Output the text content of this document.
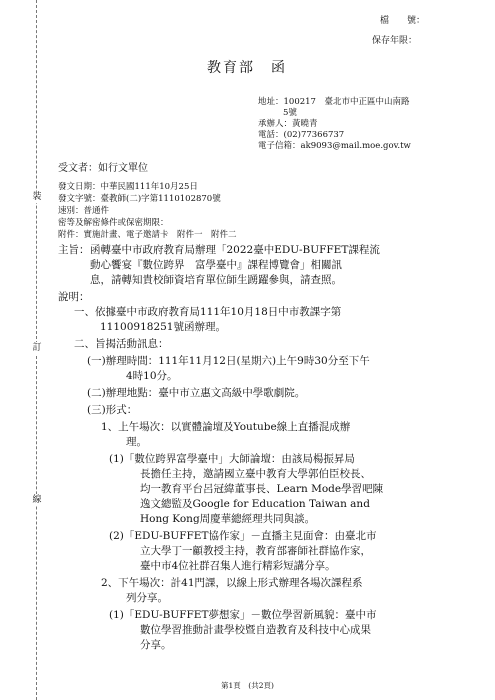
裝
訂
線
檔　　號：
保存年限：
教育部　函
地址：100217　臺北市中正區中山南路
5號
承辦人：黃曉青
電話：(02)77366737
電子信箱：ak9093@mail.moe.gov.tw
受文者：如行文單位
發文日期：中華民國111年10月25日
發文字號：臺教師(二)字第1110102870號
速別：普通件
密等及解密條件或保密期限：
附件：實施計畫、電子邀請卡　附件一　附件二
主旨： 函轉臺中市政府教育局辦理「2022臺中EDU-BUFFET課程流
動心饗宴『數位跨界　富學臺中』課程博覽會」相關訊
息，請轉知貴校師資培育單位師生踴躍參與，請查照。
說明：
一、依據臺中市政府教育局111年10月18日中市教課字第
11100918251號函辦理。
二、旨揭活動訊息：
(一)辦理時間：111年11月12日(星期六)上午9時30分至下午
4時10分。
(二)辦理地點：臺中市立惠文高級中學歌劇院。
(三)形式：
1、上午場次：以實體論壇及Youtube線上直播混成辦
理。
(1)「數位跨界富學臺中」大師論壇：由該局楊振昇局
長擔任主持，邀請國立臺中教育大學郭伯臣校長、
均一教育平台呂冠緯董事長、Learn Mode學習吧陳
逸文總監及Google for Education Taiwan and
Hong Kong周慶華總經理共同與談。
(2)「EDU-BUFFET協作家」－直播主見面會：由臺北市
立大學丁一顧教授主持，教育部審師社群協作家，
臺中市4位社群召集人進行精彩短講分享。
2、下午場次：計41門課，以線上形式辦理各場次課程系
列分享。
(1)「EDU-BUFFET夢想家」－數位學習新風貌：臺中市
數位學習推動計畫學校暨自造教育及科技中心成果
分享。
第1頁　(共2頁)
